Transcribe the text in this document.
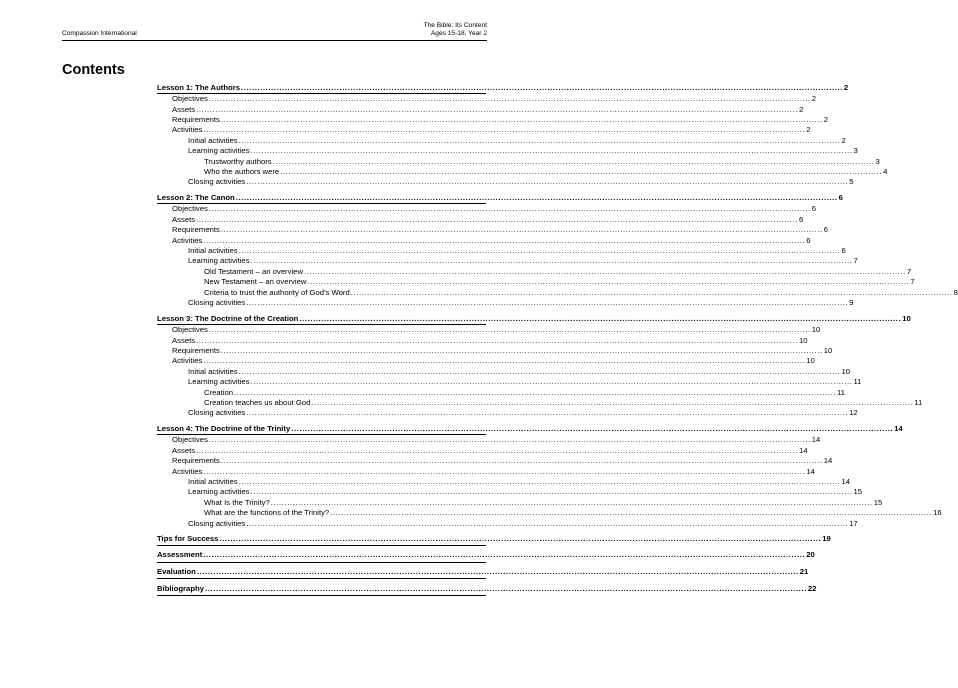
Compassion International
The Bible: Its Content
Ages 15-18, Year 2
Contents
Lesson 1: The Authors ............................................................................................................................................................................................................................ 2
Objectives ............................................................................................................................................................................................................................ 2
Assets ............................................................................................................................................................................................................................ 2
Requirements ............................................................................................................................................................................................................................ 2
Activities ............................................................................................................................................................................................................................ 2
Initial activities ............................................................................................................................................................................................................................ 2
Learning activities ............................................................................................................................................................................................................................ 3
Trustworthy authors ............................................................................................................................................................................................................................ 3
Who the authors were ............................................................................................................................................................................................................................ 4
Closing activities ............................................................................................................................................................................................................................ 5
Lesson 2: The Canon ............................................................................................................................................................................................................................ 6
Objectives ............................................................................................................................................................................................................................ 6
Assets ............................................................................................................................................................................................................................ 6
Requirements ............................................................................................................................................................................................................................ 6
Activities ............................................................................................................................................................................................................................ 6
Initial activities ............................................................................................................................................................................................................................ 6
Learning activities ............................................................................................................................................................................................................................ 7
Old Testament – an overview ............................................................................................................................................................................................................................ 7
New Testament – an overview ............................................................................................................................................................................................................................ 7
Criteria to trust the authority of God's Word ............................................................................................................................................................................................................................ 8
Closing activities ............................................................................................................................................................................................................................ 9
Lesson 3: The Doctrine of the Creation ............................................................................................................................................................................................................................ 10
Objectives ............................................................................................................................................................................................................................ 10
Assets ............................................................................................................................................................................................................................ 10
Requirements ............................................................................................................................................................................................................................ 10
Activities ............................................................................................................................................................................................................................ 10
Initial activities ............................................................................................................................................................................................................................ 10
Learning activities ............................................................................................................................................................................................................................ 11
Creation ............................................................................................................................................................................................................................ 11
Creation teaches us about God ............................................................................................................................................................................................................................ 11
Closing activities ............................................................................................................................................................................................................................ 12
Lesson 4: The Doctrine of the Trinity ............................................................................................................................................................................................................................ 14
Objectives ............................................................................................................................................................................................................................ 14
Assets ............................................................................................................................................................................................................................ 14
Requirements ............................................................................................................................................................................................................................ 14
Activities ............................................................................................................................................................................................................................ 14
Initial activities ............................................................................................................................................................................................................................ 14
Learning activities ............................................................................................................................................................................................................................ 15
What Is the Trinity? ............................................................................................................................................................................................................................ 15
What are the functions of the Trinity? ............................................................................................................................................................................................................................ 16
Closing activities ............................................................................................................................................................................................................................ 17
Tips for Success ............................................................................................................................................................................................................................ 19
Assessment ............................................................................................................................................................................................................................ 20
Evaluation ............................................................................................................................................................................................................................ 21
Bibliography ............................................................................................................................................................................................................................ 22
